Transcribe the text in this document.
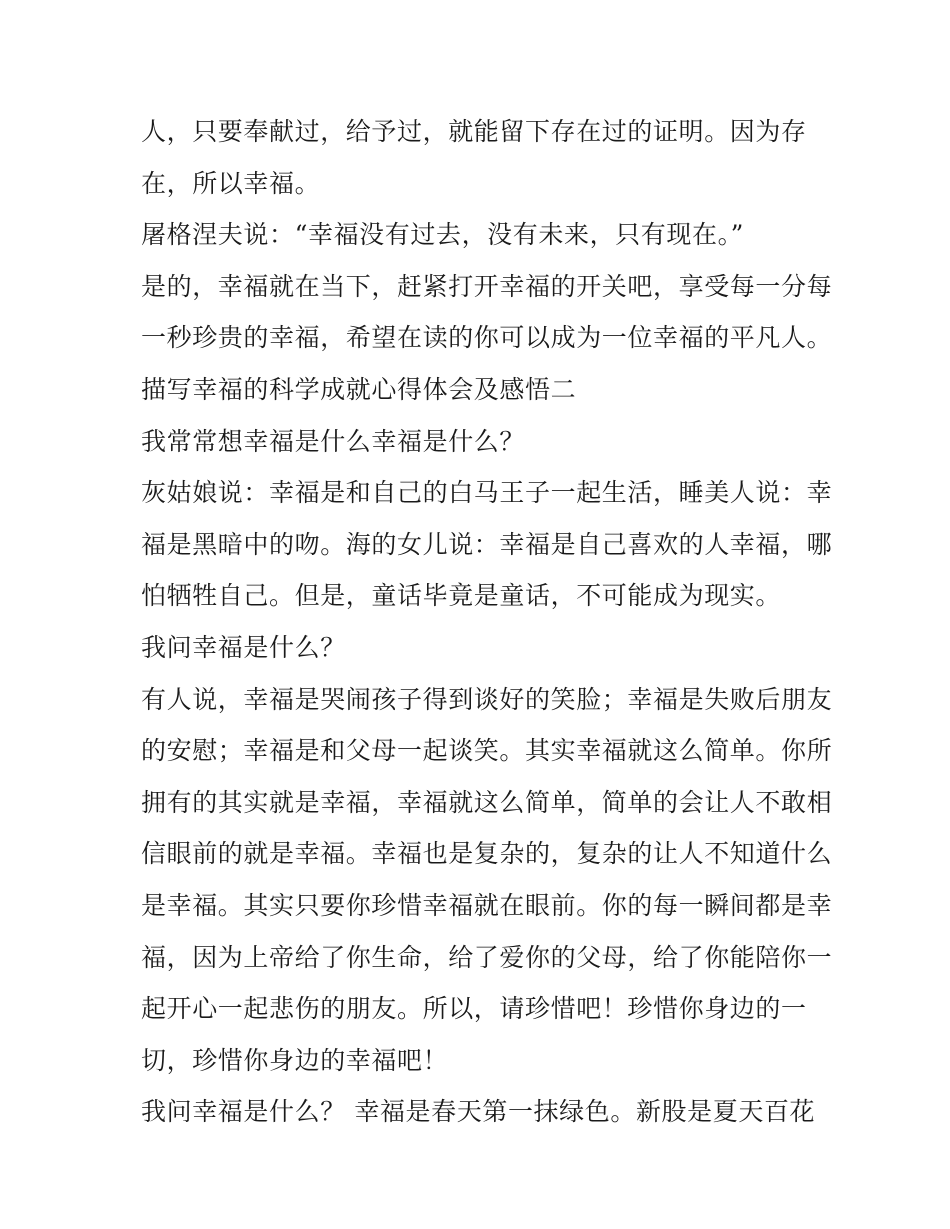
人，只要奉献过，给予过，就能留下存在过的证明。因为存
在，所以幸福。
屠格涅夫说：“幸福没有过去，没有未来，只有现在。”
是的，幸福就在当下，赶紧打开幸福的开关吧，享受每一分每
一秒珍贵的幸福，希望在读的你可以成为一位幸福的平凡人。
描写幸福的科学成就心得体会及感悟二
我常常想幸福是什么幸福是什么？
灰姑娘说：幸福是和自己的白马王子一起生活，睡美人说：幸
福是黑暗中的吻。海的女儿说：幸福是自己喜欢的人幸福，哪
怕牺牲自己。但是，童话毕竟是童话，不可能成为现实。
我问幸福是什么？
有人说，幸福是哭闹孩子得到谈好的笑脸；幸福是失败后朋友
的安慰；幸福是和父母一起谈笑。其实幸福就这么简单。你所
拥有的其实就是幸福，幸福就这么简单，简单的会让人不敢相
信眼前的就是幸福。幸福也是复杂的，复杂的让人不知道什么
是幸福。其实只要你珍惜幸福就在眼前。你的每一瞬间都是幸
福，因为上帝给了你生命，给了爱你的父母，给了你能陪你一
起开心一起悲伤的朋友。所以，请珍惜吧！珍惜你身边的一
切，珍惜你身边的幸福吧！
我问幸福是什么？ 幸福是春天第一抹绿色。新股是夏天百花
